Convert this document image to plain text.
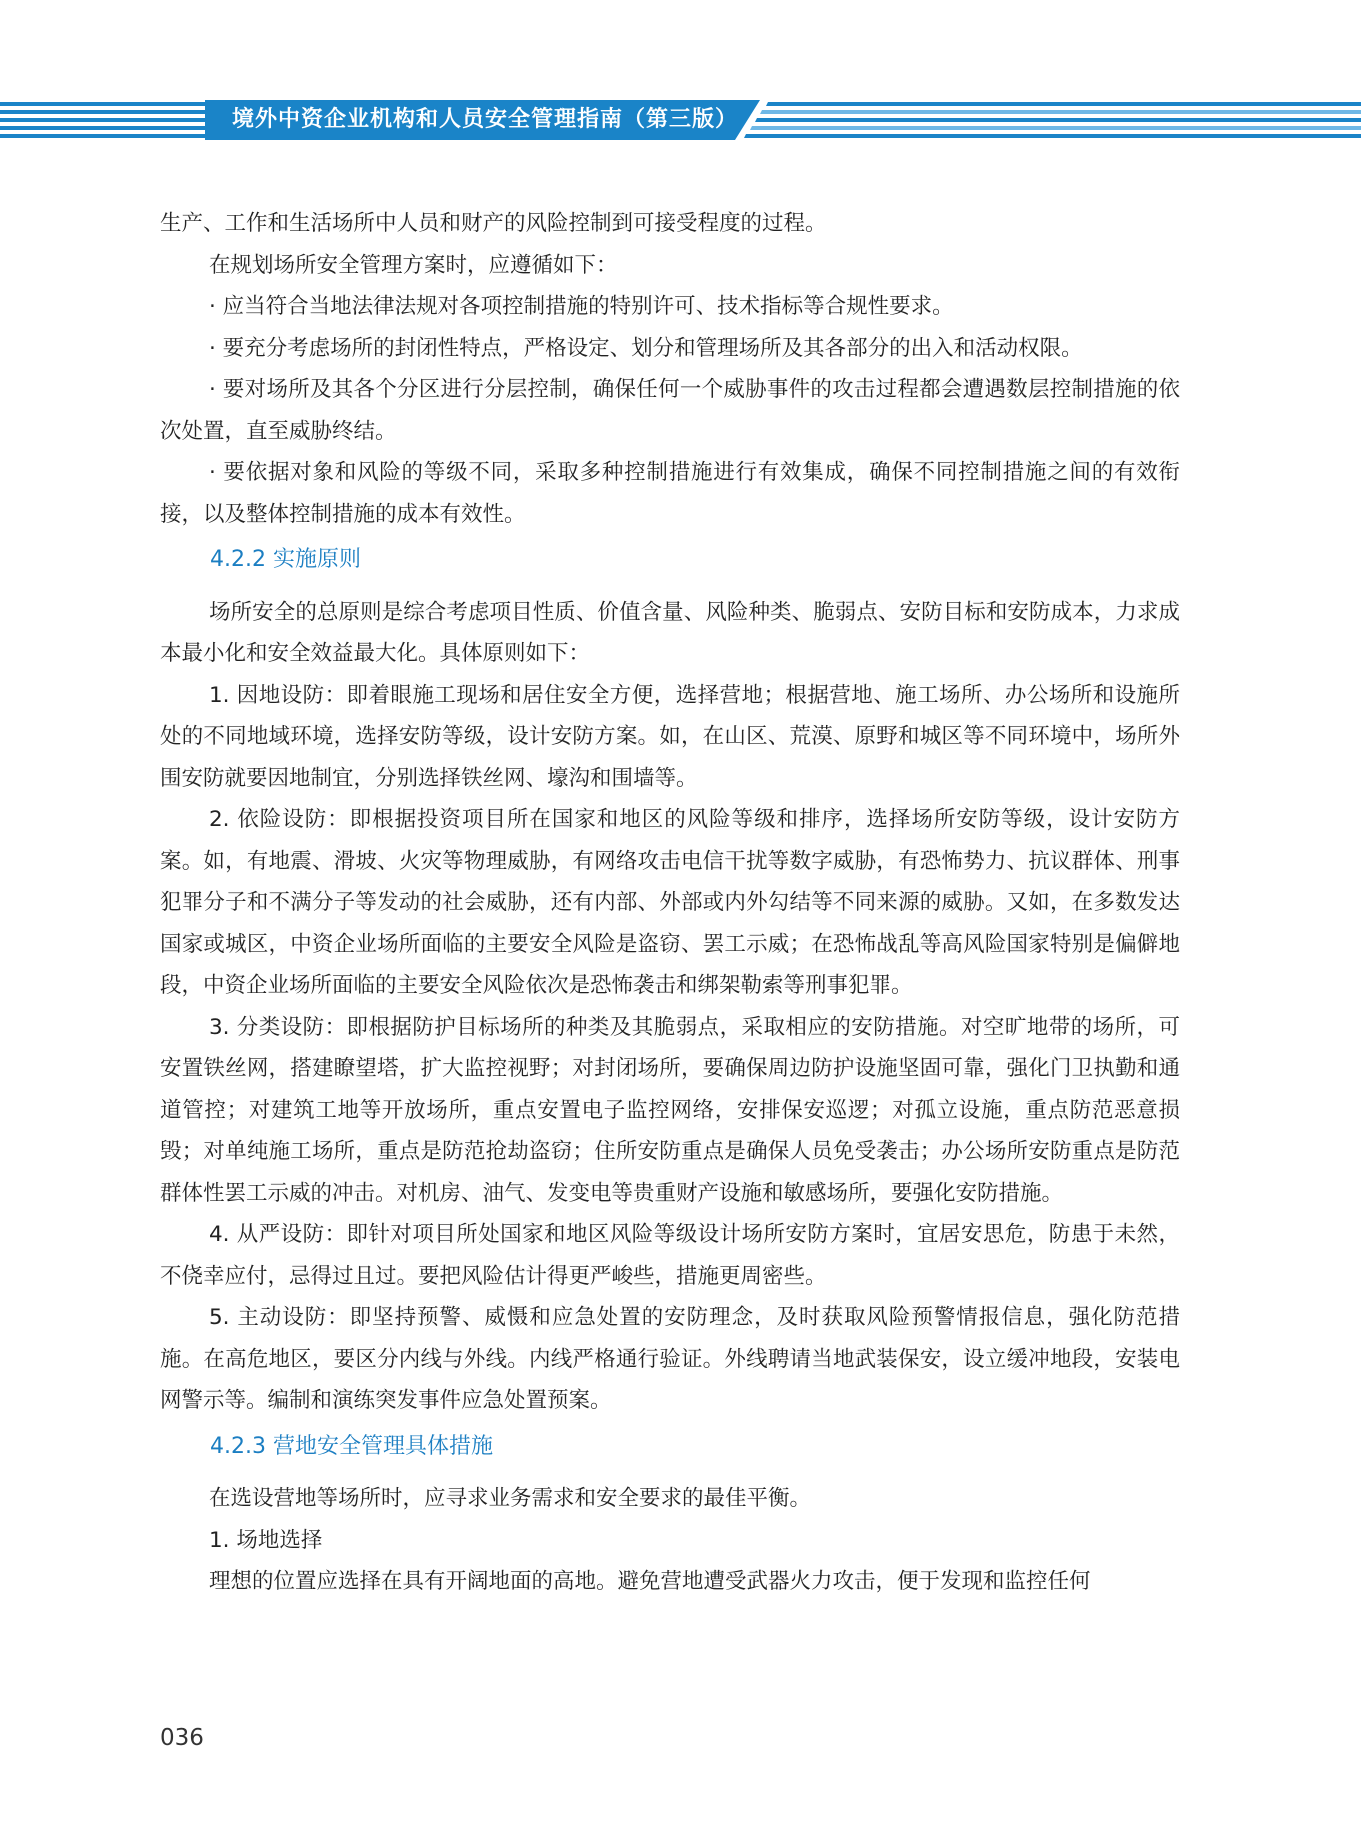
境外中资企业机构和人员安全管理指南（第三版）

生产、工作和生活场所中人员和财产的风险控制到可接受程度的过程。

在规划场所安全管理方案时，应遵循如下：

· 应当符合当地法律法规对各项控制措施的特别许可、技术指标等合规性要求。

· 要充分考虑场所的封闭性特点，严格设定、划分和管理场所及其各部分的出入和活动权限。

· 要对场所及其各个分区进行分层控制，确保任何一个威胁事件的攻击过程都会遭遇数层控制措施的依次处置，直至威胁终结。

· 要依据对象和风险的等级不同，采取多种控制措施进行有效集成，确保不同控制措施之间的有效衔接，以及整体控制措施的成本有效性。

4.2.2 实施原则

场所安全的总原则是综合考虑项目性质、价值含量、风险种类、脆弱点、安防目标和安防成本，力求成本最小化和安全效益最大化。具体原则如下：

1. 因地设防：即着眼施工现场和居住安全方便，选择营地；根据营地、施工场所、办公场所和设施所处的不同地域环境，选择安防等级，设计安防方案。如，在山区、荒漠、原野和城区等不同环境中，场所外围安防就要因地制宜，分别选择铁丝网、壕沟和围墙等。

2. 依险设防：即根据投资项目所在国家和地区的风险等级和排序，选择场所安防等级，设计安防方案。如，有地震、滑坡、火灾等物理威胁，有网络攻击电信干扰等数字威胁，有恐怖势力、抗议群体、刑事犯罪分子和不满分子等发动的社会威胁，还有内部、外部或内外勾结等不同来源的威胁。又如，在多数发达国家或城区，中资企业场所面临的主要安全风险是盗窃、罢工示威；在恐怖战乱等高风险国家特别是偏僻地段，中资企业场所面临的主要安全风险依次是恐怖袭击和绑架勒索等刑事犯罪。

3. 分类设防：即根据防护目标场所的种类及其脆弱点，采取相应的安防措施。对空旷地带的场所，可安置铁丝网，搭建瞭望塔，扩大监控视野；对封闭场所，要确保周边防护设施坚固可靠，强化门卫执勤和通道管控；对建筑工地等开放场所，重点安置电子监控网络，安排保安巡逻；对孤立设施，重点防范恶意损毁；对单纯施工场所，重点是防范抢劫盗窃；住所安防重点是确保人员免受袭击；办公场所安防重点是防范群体性罢工示威的冲击。对机房、油气、发变电等贵重财产设施和敏感场所，要强化安防措施。

4. 从严设防：即针对项目所处国家和地区风险等级设计场所安防方案时，宜居安思危，防患于未然，不侥幸应付，忌得过且过。要把风险估计得更严峻些，措施更周密些。

5. 主动设防：即坚持预警、威慑和应急处置的安防理念，及时获取风险预警情报信息，强化防范措施。在高危地区，要区分内线与外线。内线严格通行验证。外线聘请当地武装保安，设立缓冲地段，安装电网警示等。编制和演练突发事件应急处置预案。

4.2.3 营地安全管理具体措施

在选设营地等场所时，应寻求业务需求和安全要求的最佳平衡。

1. 场地选择

理想的位置应选择在具有开阔地面的高地。避免营地遭受武器火力攻击，便于发现和监控任何

036
